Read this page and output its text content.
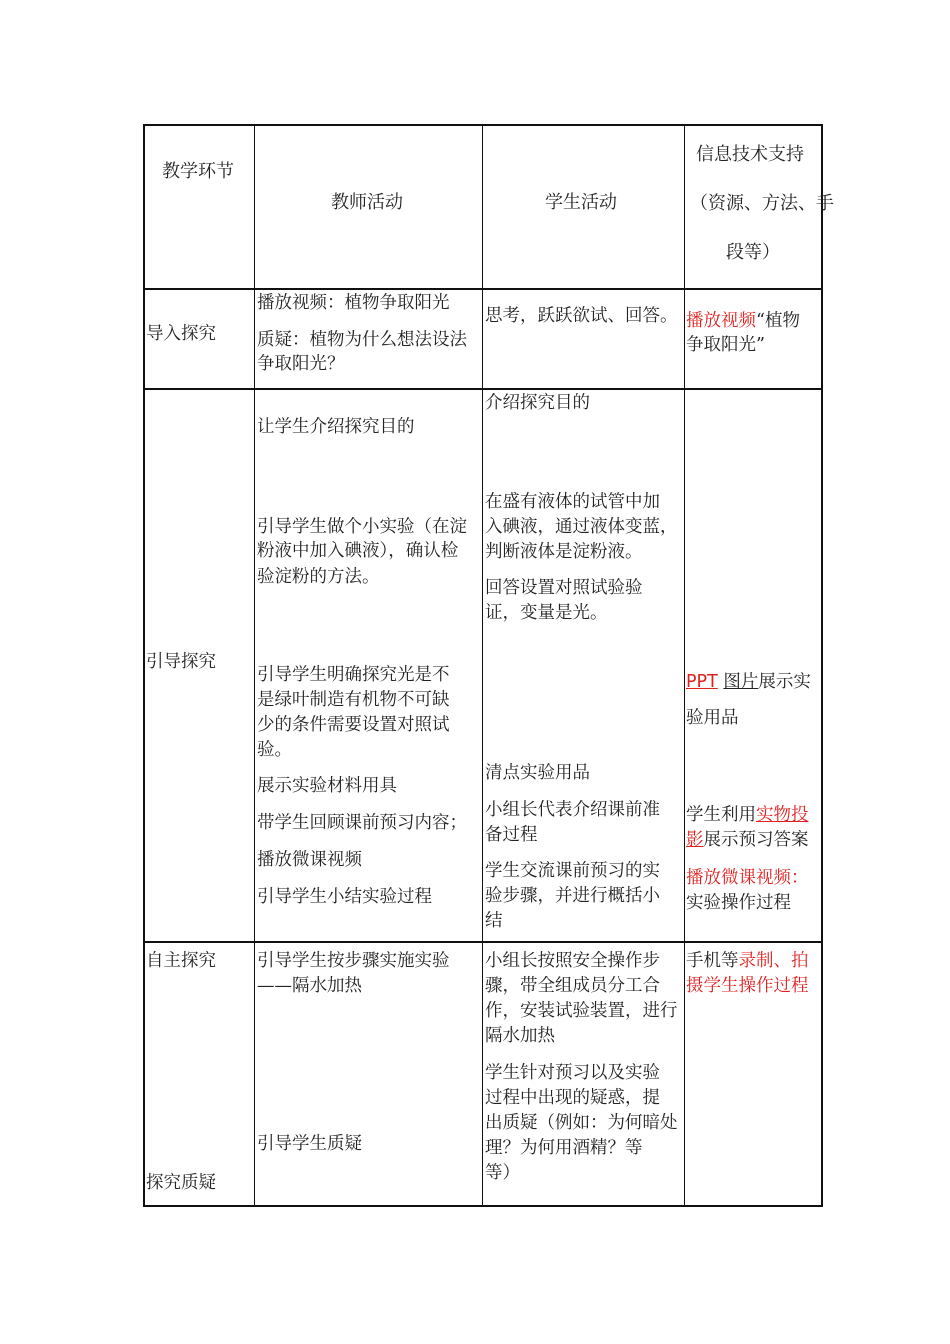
教学环节
教师活动	学生活动
信息技术支持
（资源、方法、手
段等）
导入探究
播放视频：植物争取阳光
质疑：植物为什么想法设法
争取阳光？
思考，跃跃欲试、回答。 播放视频“植物
争取阳光”
引导探究
让学生介绍探究目的
引导学生做个小实验（在淀
粉液中加入碘液），确认检
验淀粉的方法。
引导学生明确探究光是不
是绿叶制造有机物不可缺
少的条件需要设置对照试
验。
展示实验材料用具
带学生回顾课前预习内容；
播放微课视频
引导学生小结实验过程
介绍探究目的
在盛有液体的试管中加
入碘液，通过液体变蓝，
判断液体是淀粉液。
回答设置对照试验验
证，变量是光。
清点实验用品
小组长代表介绍课前准
备过程
学生交流课前预习的实
验步骤，并进行概括小
结
PPT 图片展示实
验用品
学生利用实物投
影展示预习答案
播放微课视频：
实验操作过程
自主探究
探究质疑
引导学生按步骤实施实验
——隔水加热
引导学生质疑
小组长按照安全操作步
骤，带全组成员分工合
作，安装试验装置，进行
隔水加热
学生针对预习以及实验
过程中出现的疑惑，提
出质疑（例如：为何暗处
理？为何用酒精？等
等）
手机等录制、拍
摄学生操作过程
